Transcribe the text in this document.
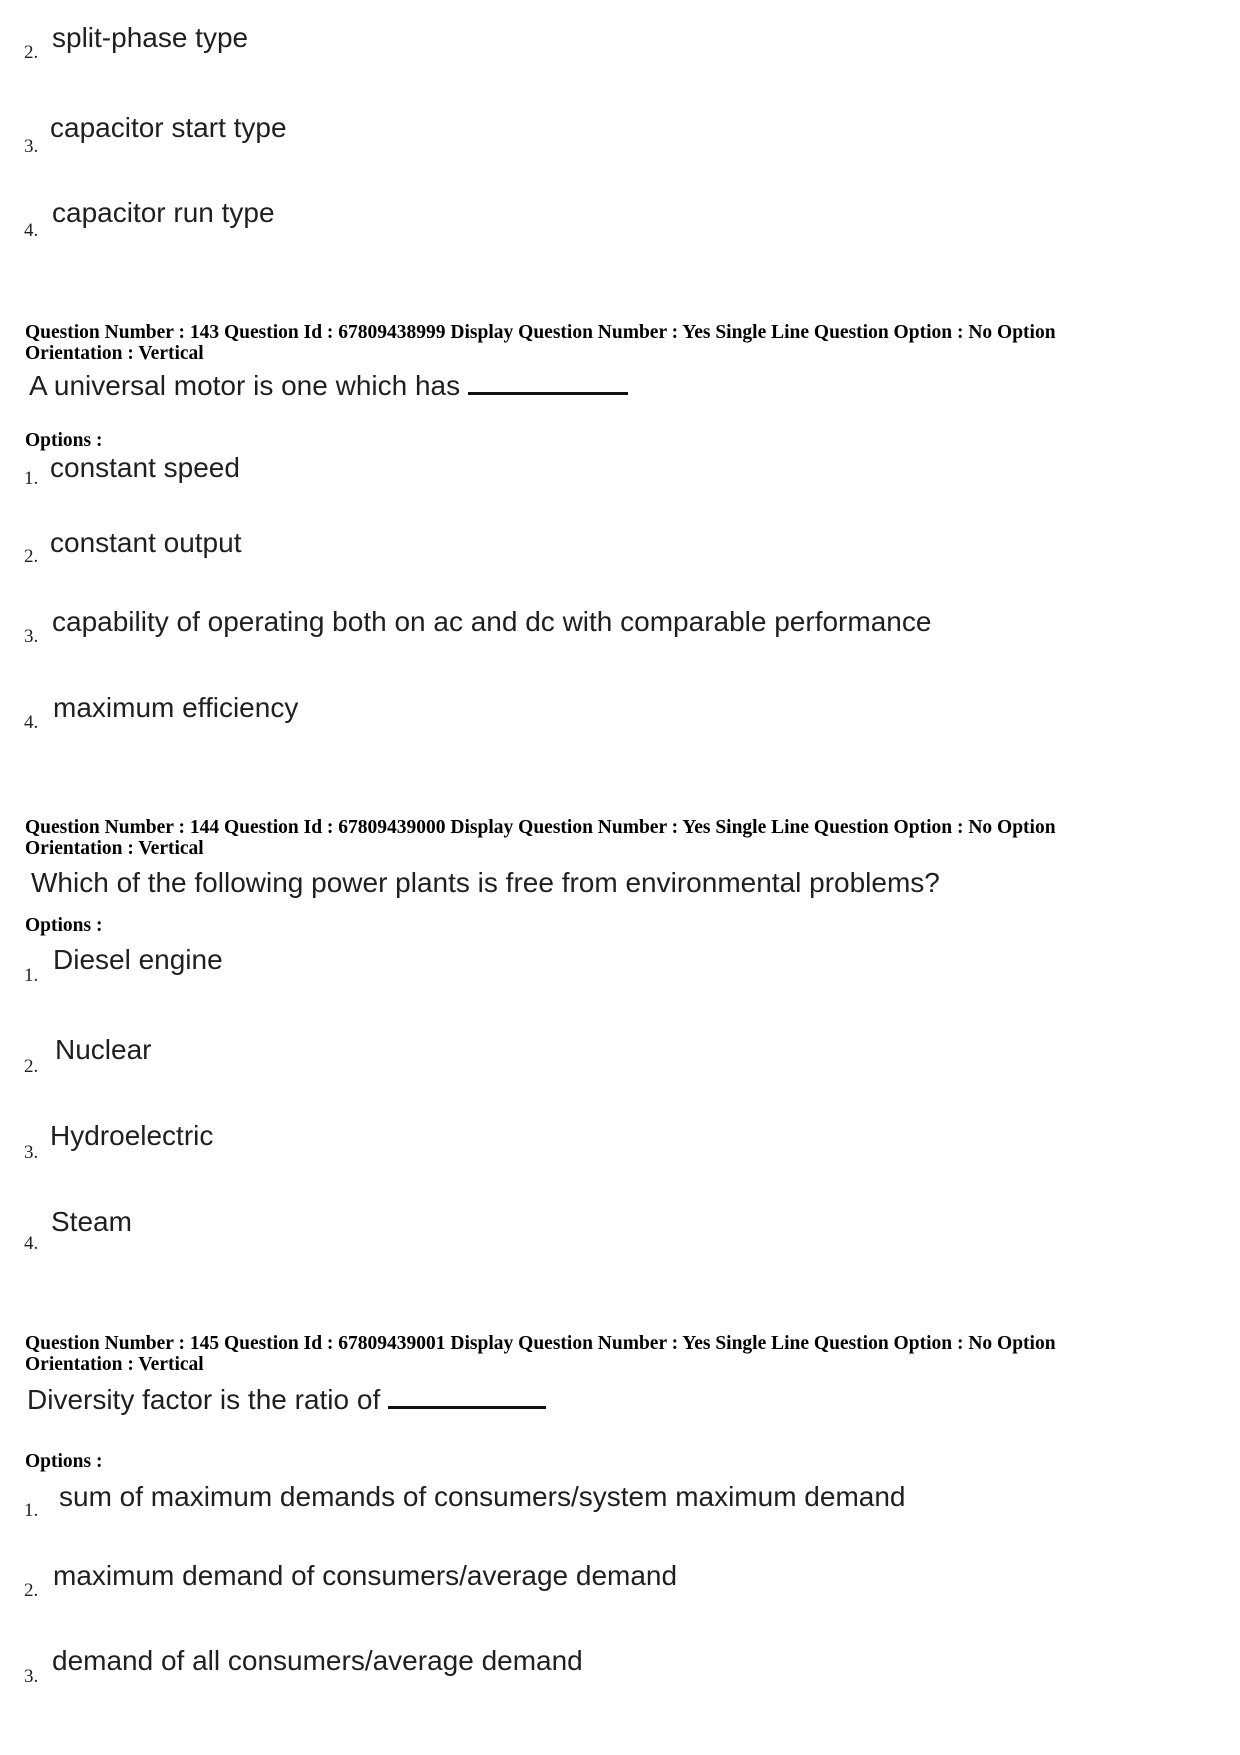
2. split-phase type
3.
capacitor start type
4.
capacitor run type
Question Number : 143 Question Id : 67809438999 Display Question Number : Yes Single Line Question Option : No Option
Orientation : Vertical
A universal motor is one which has
Options :
1. constant speed
2. constant output
3. capability of operating both on ac and dc with comparable performance
4. maximum efficiency
Question Number : 144 Question Id : 67809439000 Display Question Number : Yes Single Line Question Option : No Option
Orientation : Vertical
Which of the following power plants is free from environmental problems?
Options :
1.
Diesel engine
2.
Nuclear
3.
Hydroelectric
4.
Steam
Question Number : 145 Question Id : 67809439001 Display Question Number : Yes Single Line Question Option : No Option
Orientation : Vertical
Diversity factor is the ratio of
Options :
1. sum of maximum demands of consumers/system maximum demand
2. maximum demand of consumers/average demand
3.
demand of all consumers/average demand
